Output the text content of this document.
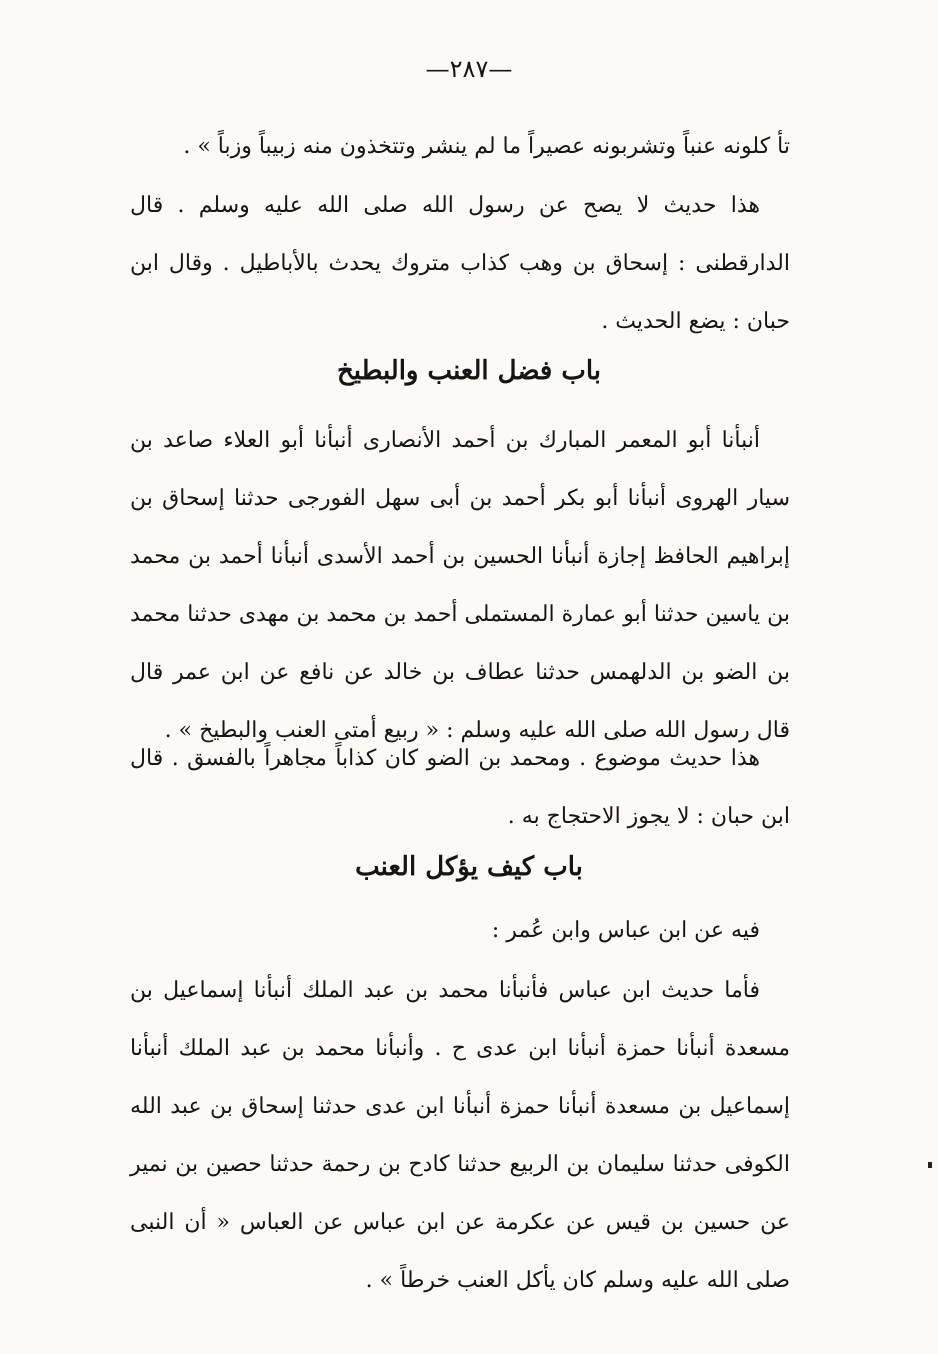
—٢٨٧—

تأ كلونه عنباً وتشربونه عصيراً ما لم ينشر وتتخذون منه زبيباً وزباً » .

هذا حديث لا يصح عن رسول الله صلى الله عليه وسلم . قال الدارقطنى : إسحاق بن وهب كذاب متروك يحدث بالأباطيل . وقال ابن حبان : يضع الحديث .

باب فضل العنب والبطيخ

أنبأنا أبو المعمر المبارك بن أحمد الأنصارى أنبأنا أبو العلاء صاعد بن سيار الهروى أنبأنا أبو بكر أحمد بن أبى سهل الفورجى حدثنا إسحاق بن إبراهيم الحافظ إجازة أنبأنا الحسين بن أحمد الأسدى أنبأنا أحمد بن محمد بن ياسين حدثنا أبو عمارة المستملى أحمد بن محمد بن مهدى حدثنا محمد بن الضو بن الدلهمس حدثنا عطاف بن خالد عن نافع عن ابن عمر قال قال رسول الله صلى الله عليه وسلم : « ربيع أمتى العنب والبطيخ » .

هذا حديث موضوع . ومحمد بن الضو كان كذاباً مجاهراً بالفسق . قال ابن حبان : لا يجوز الاحتجاج به .

باب كيف يؤكل العنب

فيه عن ابن عباس وابن عُمر :

فأما حديث ابن عباس فأنبأنا محمد بن عبد الملك أنبأنا إسماعيل بن مسعدة أنبأنا حمزة أنبأنا ابن عدى ح . وأنبأنا محمد بن عبد الملك أنبأنا إسماعيل بن مسعدة أنبأنا حمزة أنبأنا ابن عدى حدثنا إسحاق بن عبد الله الكوفى حدثنا سليمان بن الربيع حدثنا كادح بن رحمة حدثنا حصين بن نمير عن حسين بن قيس عن عكرمة عن ابن عباس عن العباس « أن النبى صلى الله عليه وسلم كان يأكل العنب خرطاً » .
